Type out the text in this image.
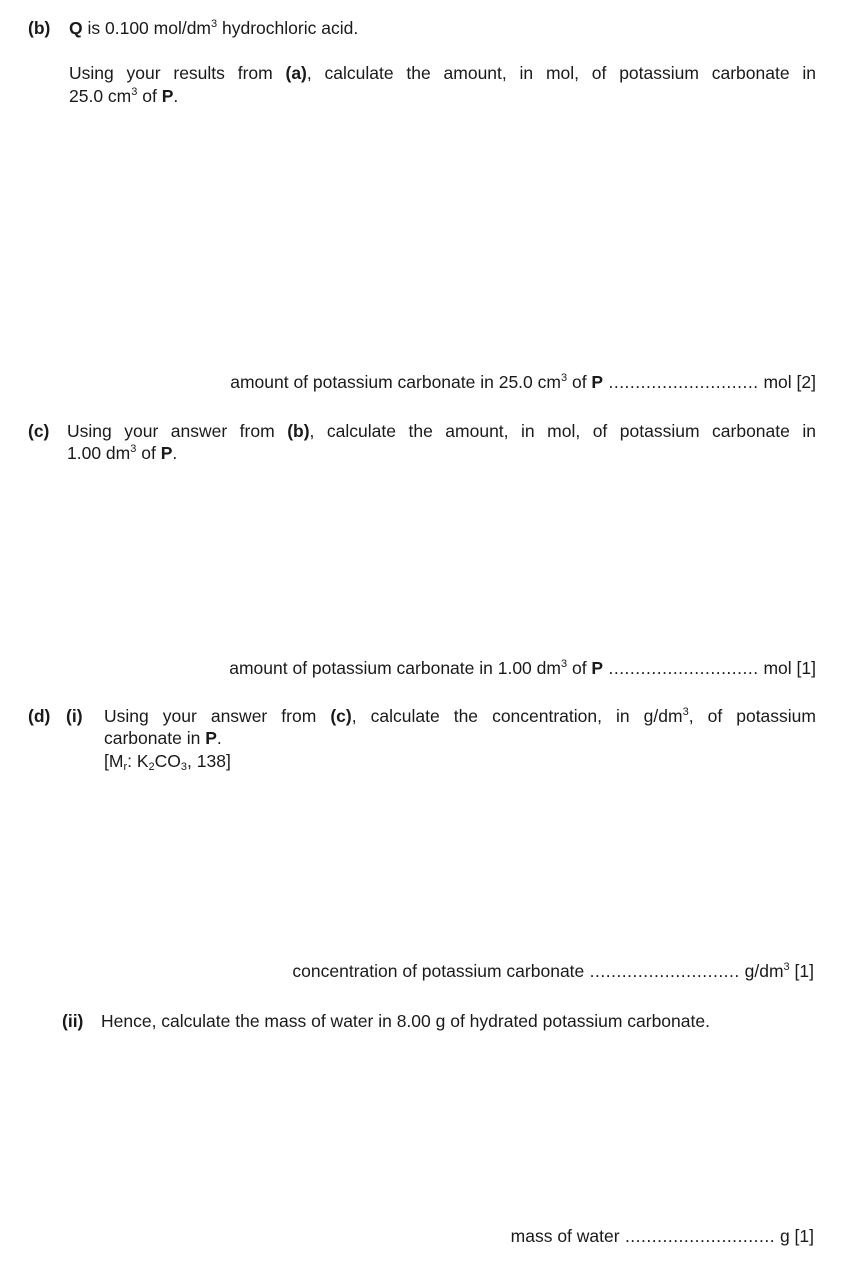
(b) Q is 0.100 mol/$dm^3$ hydrochloric acid.
Using your results from (a), calculate the amount, in mol, of potassium carbonate in
25.0 $cm^3$ of P.
amount of potassium carbonate in 25.0 $cm^3$ of P ............................ mol [2]
(c) Using your answer from (b), calculate the amount, in mol, of potassium carbonate in
1.00 $dm^3$ of P.
amount of potassium carbonate in 1.00 $dm^3$ of P ............................ mol [1]
(d) (i) Using your answer from (c), calculate the concentration, in $g/dm^3$, of potassium
carbonate in P.
[$M_r$: $K_2CO_3$, 138]
concentration of potassium carbonate ............................ $g/dm^3$ [1]
(ii) Hence, calculate the mass of water in 8.00 g of hydrated potassium carbonate.
mass of water ............................ g [1]
